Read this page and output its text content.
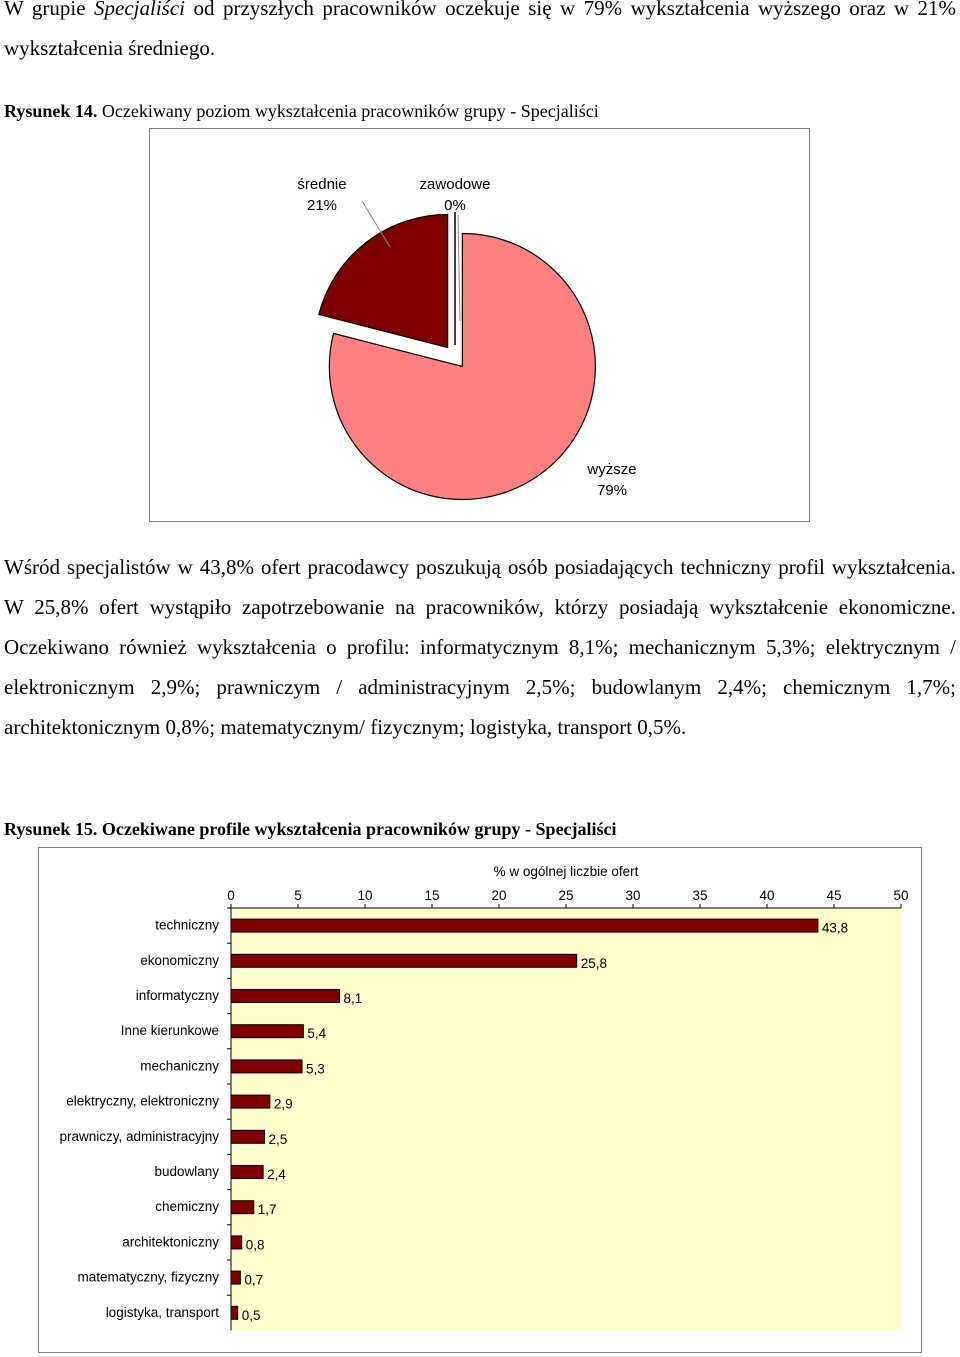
W grupie Specjaliści od przyszłych pracowników oczekuje się w 79% wykształcenia wyższego oraz w 21% wykształcenia średniego.

Rysunek 14. Oczekiwany poziom wykształcenia pracowników grupy - Specjaliści

wyższe
79%
średnie
21%
zawodowe
0%

Wśród specjalistów w 43,8% ofert pracodawcy poszukują osób posiadających techniczny profil wykształcenia. W 25,8% ofert wystąpiło zapotrzebowanie na pracowników, którzy posiadają wykształcenie ekonomiczne. Oczekiwano również wykształcenia o profilu: informatycznym 8,1%; mechanicznym 5,3%; elektrycznym / elektronicznym 2,9%; prawniczym / administracyjnym 2,5%; budowlanym 2,4%; chemicznym 1,7%; architektonicznym 0,8%; matematycznym/ fizycznym; logistyka, transport 0,5%.

Rysunek 15. Oczekiwane profile wykształcenia pracowników grupy - Specjaliści

% w ogólnej liczbie ofert
0	5	10	15	20	25	30	35	40	45	50
techniczny	43,8
ekonomiczny	25,8
informatyczny	8,1
Inne kierunkowe	5,4
mechaniczny	5,3
elektryczny, elektroniczny	2,9
prawniczy, administracyjny	2,5
budowlany	2,4
chemiczny	1,7
architektoniczny 0,8
matematyczny, fizyczny 0,7
logistyka, transport 0,5
